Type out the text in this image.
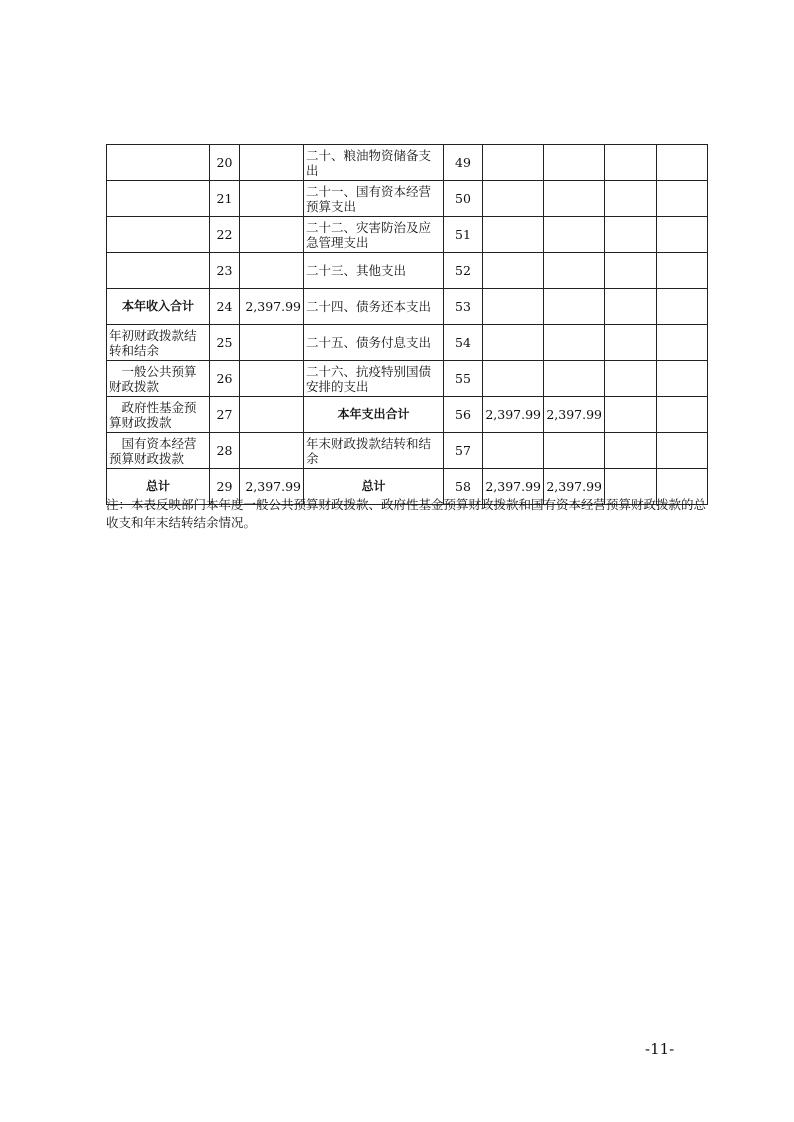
	20		二十、粮油物资储备支出	49				
	21		二十一、国有资本经营预算支出	50				
	22		二十二、灾害防治及应急管理支出	51				
	23		二十三、其他支出	52				
本年收入合计	24	2,397.99	二十四、债务还本支出	53				
年初财政拨款结转和结余	25		二十五、债务付息支出	54				
一般公共预算财政拨款	26		二十六、抗疫特别国债安排的支出	55				
政府性基金预算财政拨款	27		本年支出合计	56	2,397.99	2,397.99		
国有资本经营预算财政拨款	28		年末财政拨款结转和结余	57				
总计	29	2,397.99	总计	58	2,397.99	2,397.99		
注：本表反映部门本年度一般公共预算财政拨款、政府性基金预算财政拨款和国有资本经营预算财政拨款的总收支和年末结转结余情况。
-11-
